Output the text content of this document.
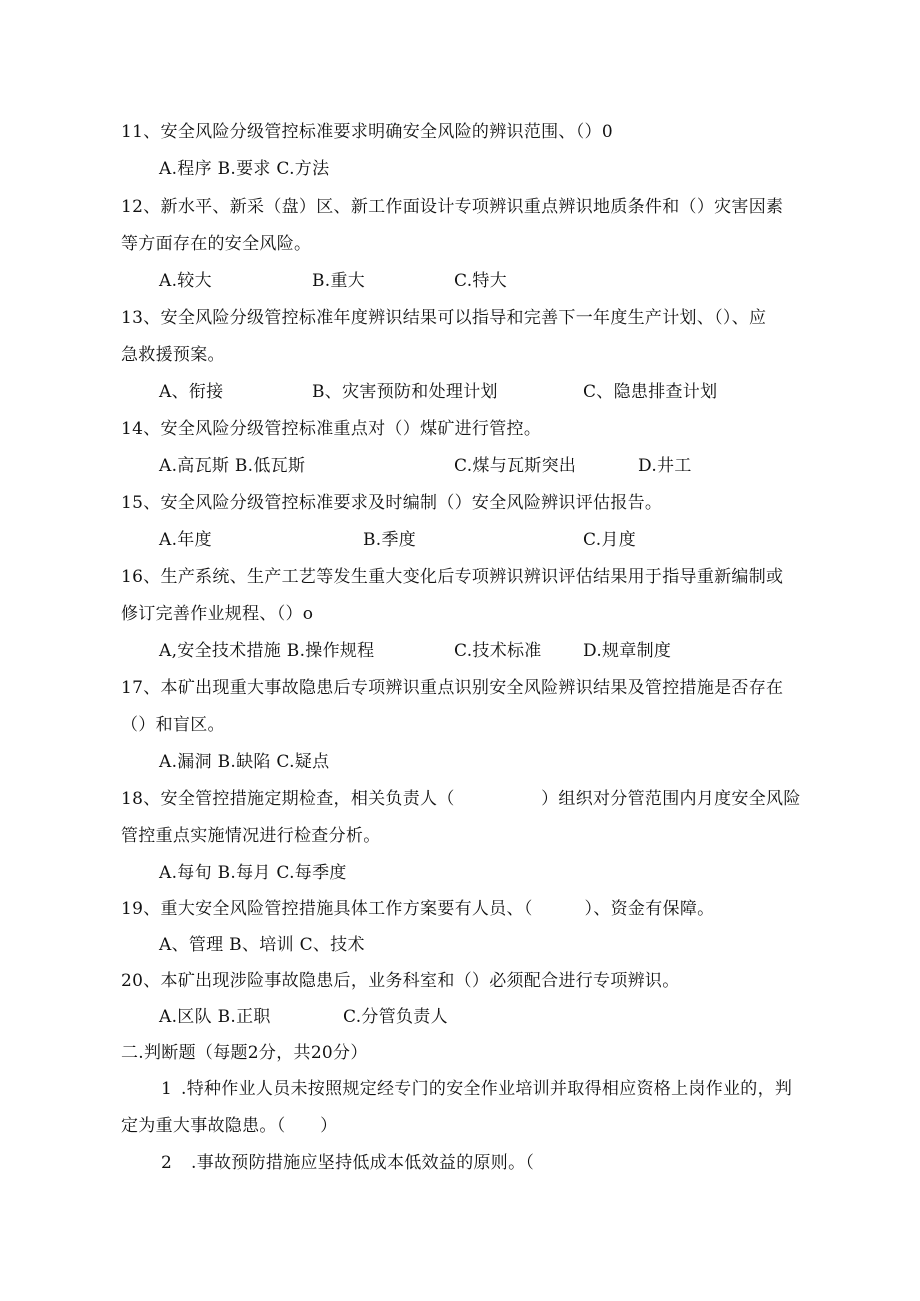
11、安全风险分级管控标准要求明确安全风险的辨识范围、（）0
A.程序 B.要求 C.方法
12、新水平、新采（盘）区、新工作面设计专项辨识重点辨识地质条件和（）灾害因素
等方面存在的安全风险。
A.较大	B.重大	C.特大
13、安全风险分级管控标准年度辨识结果可以指导和完善下一年度生产计划、（）、应
急救援预案。
A、衔接	B、灾害预防和处理计划	C、隐患排查计划
14、安全风险分级管控标准重点对（）煤矿进行管控。
A.高瓦斯 B.低瓦斯	C.煤与瓦斯突出	D.井工
15、安全风险分级管控标准要求及时编制（）安全风险辨识评估报告。
A.年度	B.季度	C.月度
16、生产系统、生产工艺等发生重大变化后专项辨识辨识评估结果用于指导重新编制或
修订完善作业规程、（）o
A,安全技术措施 B.操作规程	C.技术标准 D.规章制度
17、本矿出现重大事故隐患后专项辨识重点识别安全风险辨识结果及管控措施是否存在
（）和盲区。
A.漏洞 B.缺陷 C.疑点
18、安全管控措施定期检查，相关负责人（　　　　　）组织对分管范围内月度安全风险
管控重点实施情况进行检查分析。
A.每旬 B.每月 C.每季度
19、重大安全风险管控措施具体工作方案要有人员、（　　　）、资金有保障。
A、管理 B、培训 C、技术
20、本矿出现涉险事故隐患后，业务科室和（）必须配合进行专项辨识。
A.区队 B.正职	C.分管负责人
二.判断题（每题2分，共20分）
1 .特种作业人员未按照规定经专门的安全作业培训并取得相应资格上岗作业的，判
定为重大事故隐患。（　　）
2 .事故预防措施应坚持低成本低效益的原则。（
